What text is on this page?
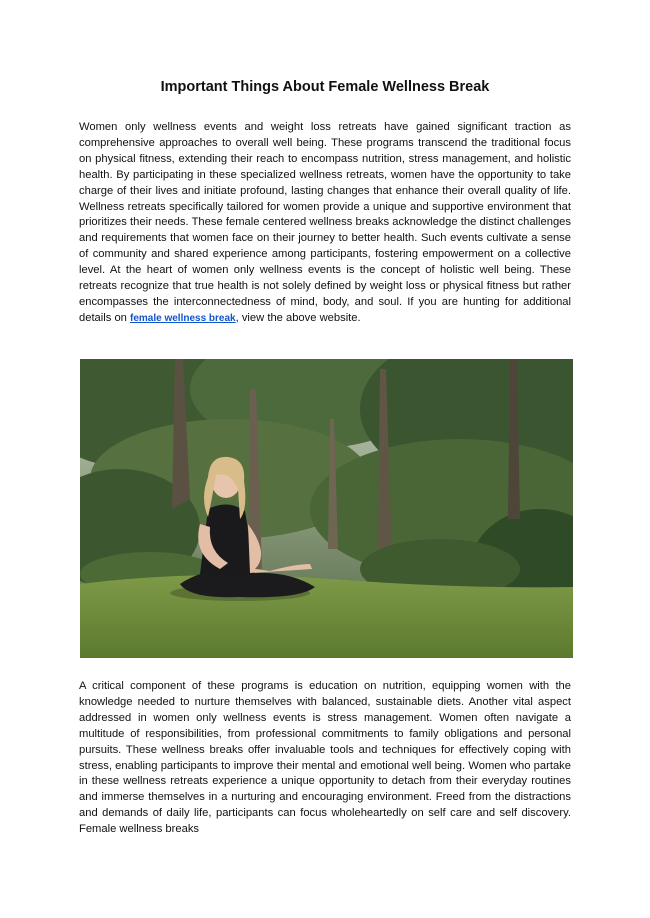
Important Things About Female Wellness Break

Women only wellness events and weight loss retreats have gained significant traction as comprehensive approaches to overall well being. These programs transcend the traditional focus on physical fitness, extending their reach to encompass nutrition, stress management, and holistic health. By participating in these specialized wellness retreats, women have the opportunity to take charge of their lives and initiate profound, lasting changes that enhance their overall quality of life. Wellness retreats specifically tailored for women provide a unique and supportive environment that prioritizes their needs. These female centered wellness breaks acknowledge the distinct challenges and requirements that women face on their journey to better health. Such events cultivate a sense of community and shared experience among participants, fostering empowerment on a collective level. At the heart of women only wellness events is the concept of holistic well being. These retreats recognize that true health is not solely defined by weight loss or physical fitness but rather encompasses the interconnectedness of mind, body, and soul. If you are hunting for additional details on female wellness break, view the above website.

A critical component of these programs is education on nutrition, equipping women with the knowledge needed to nurture themselves with balanced, sustainable diets. Another vital aspect addressed in women only wellness events is stress management. Women often navigate a multitude of responsibilities, from professional commitments to family obligations and personal pursuits. These wellness breaks offer invaluable tools and techniques for effectively coping with stress, enabling participants to improve their mental and emotional well being. Women who partake in these wellness retreats experience a unique opportunity to detach from their everyday routines and immerse themselves in a nurturing and encouraging environment. Freed from the distractions and demands of daily life, participants can focus wholeheartedly on self care and self discovery. Female wellness breaks
